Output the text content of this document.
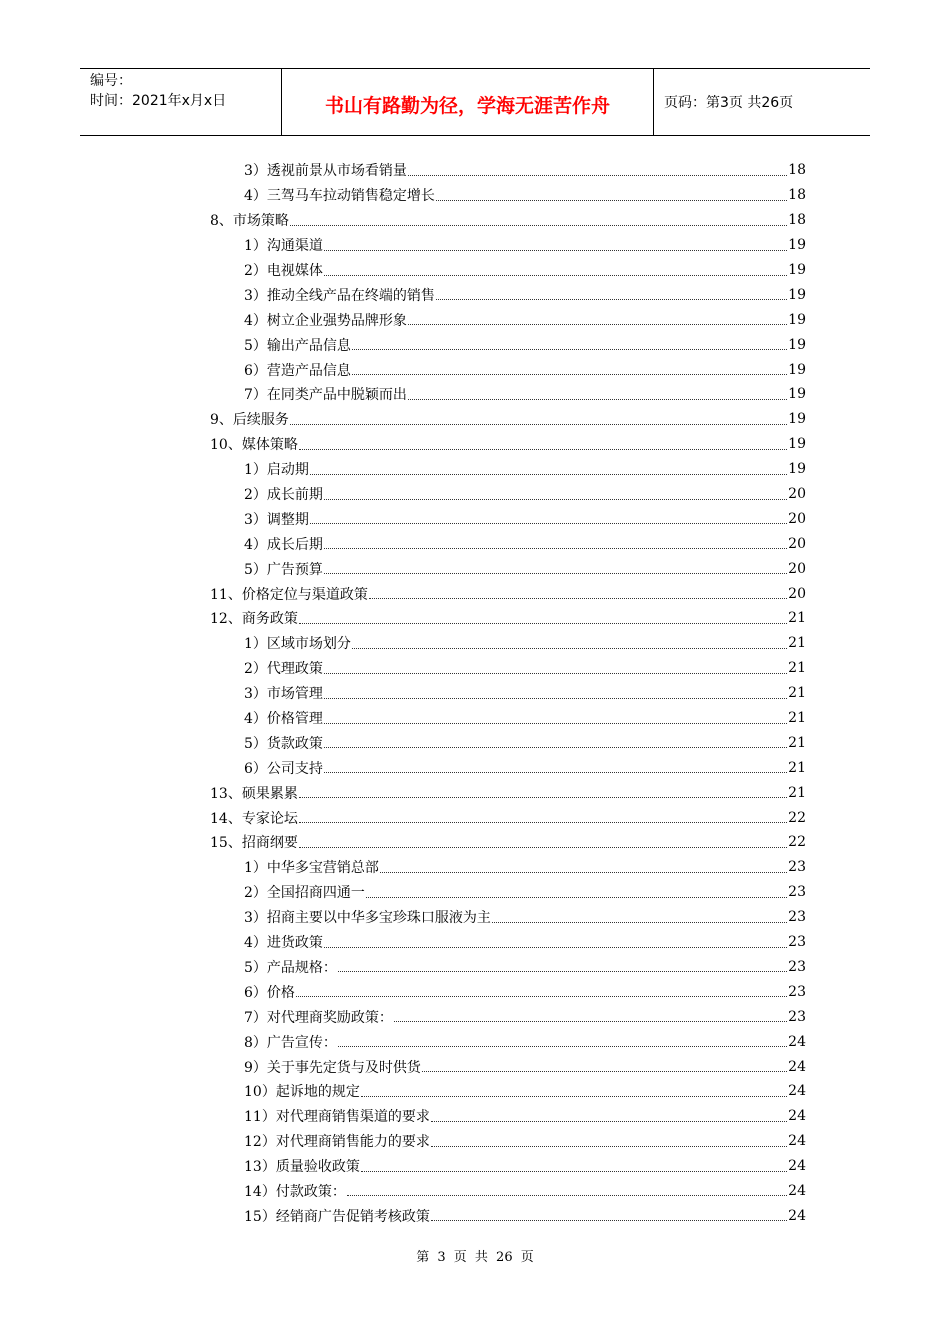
编号：
时间：2021年x月x日	书山有路勤为径，学海无涯苦作舟	页码：第3页 共26页
3）透视前景从市场看销量	18
4）三驾马车拉动销售稳定增长	18
8、市场策略	18
1）沟通渠道	19
2）电视媒体	19
3）推动全线产品在终端的销售	19
4）树立企业强势品牌形象	19
5）输出产品信息	19
6）营造产品信息	19
7）在同类产品中脱颖而出	19
9、后续服务	19
10、媒体策略	19
1）启动期	19
2）成长前期	20
3）调整期	20
4）成长后期	20
5）广告预算	20
11、价格定位与渠道政策	20
12、商务政策	21
1）区域市场划分	21
2）代理政策	21
3）市场管理	21
4）价格管理	21
5）货款政策	21
6）公司支持	21
13、硕果累累	21
14、专家论坛	22
15、招商纲要	22
1）中华多宝营销总部	23
2）全国招商四通一	23
3）招商主要以中华多宝珍珠口服液为主	23
4）进货政策	23
5）产品规格：	23
6）价格	23
7）对代理商奖励政策：	23
8）广告宣传：	24
9）关于事先定货与及时供货	24
10）起诉地的规定	24
11）对代理商销售渠道的要求	24
12）对代理商销售能力的要求	24
13）质量验收政策	24
14）付款政策：	24
15）经销商广告促销考核政策	24
第 3 页 共 26 页
